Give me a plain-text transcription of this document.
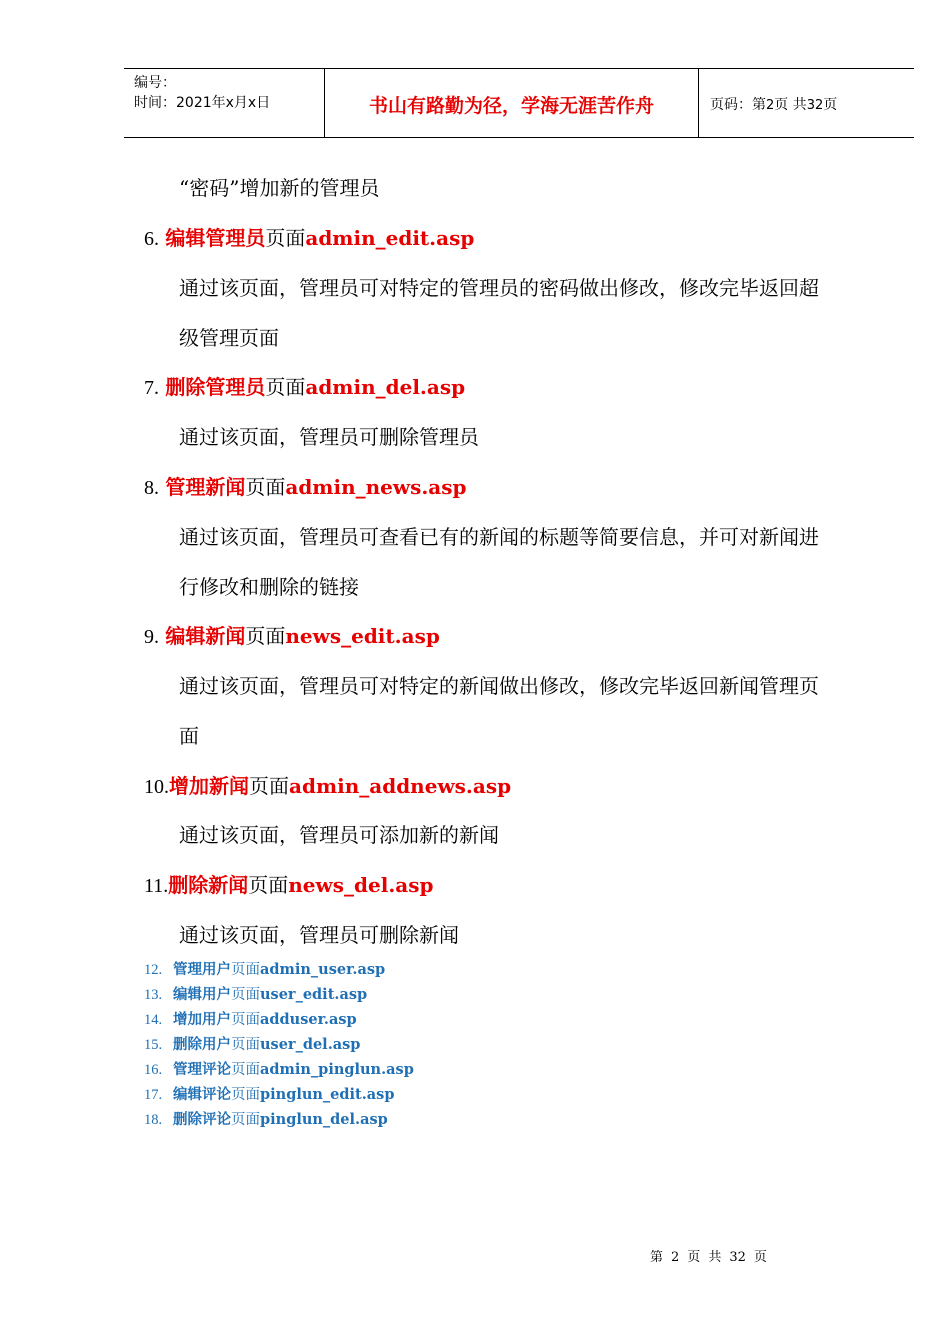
编号：
时间：2021年x月x日	书山有路勤为径，学海无涯苦作舟	页码：第2页 共32页
“密码”增加新的管理员
6. 编辑管理员页面admin_edit.asp
通过该页面，管理员可对特定的管理员的密码做出修改，修改完毕返回超
级管理页面
7. 删除管理员页面admin_del.asp
通过该页面，管理员可删除管理员
8. 管理新闻页面admin_news.asp
通过该页面，管理员可查看已有的新闻的标题等简要信息，并可对新闻进
行修改和删除的链接
9. 编辑新闻页面news_edit.asp
通过该页面，管理员可对特定的新闻做出修改，修改完毕返回新闻管理页
面
10.增加新闻页面admin_addnews.asp
通过该页面，管理员可添加新的新闻
11.删除新闻页面news_del.asp
通过该页面，管理员可删除新闻
12. 管理用户页面admin_user.asp
13. 编辑用户页面user_edit.asp
14. 增加用户页面adduser.asp
15. 删除用户页面user_del.asp
16. 管理评论页面admin_pinglun.asp
17. 编辑评论页面pinglun_edit.asp
18. 删除评论页面pinglun_del.asp
第 2 页 共 32 页
